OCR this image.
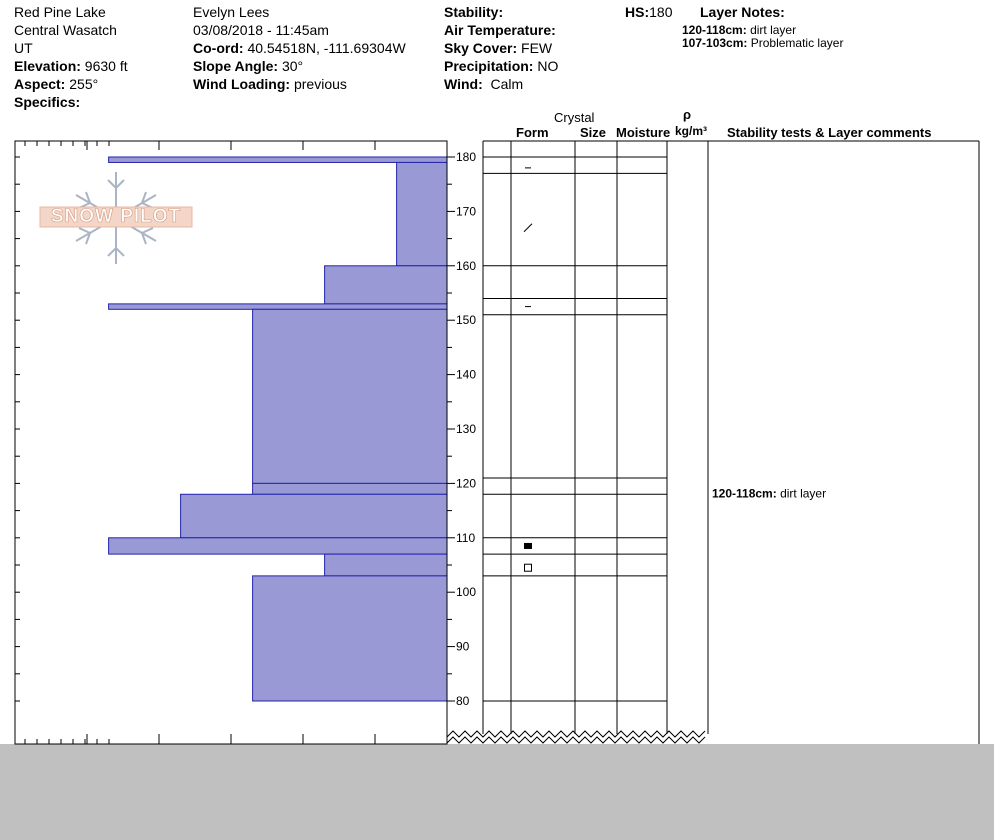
Red Pine Lake
Central Wasatch
UT
Elevation: 9630 ft
Aspect: 255°
Specifics:
Evelyn Lees
03/08/2018 - 11:45am
Co-ord: 40.54518N, -111.69304W
Slope Angle: 30°
Wind Loading: previous
Stability:
Air Temperature:
Sky Cover: FEW
Precipitation: NO
Wind: Calm
HS:180 Layer Notes:
120-118cm: dirt layer
107-103cm: Problematic layer
Crystal
Form Size Moisture
ρ
kg/m³ Stability tests & Layer comments
180
170
160
150
140
130
120
110
100
90
80
120-118cm: dirt layer
SNOW PILOT
